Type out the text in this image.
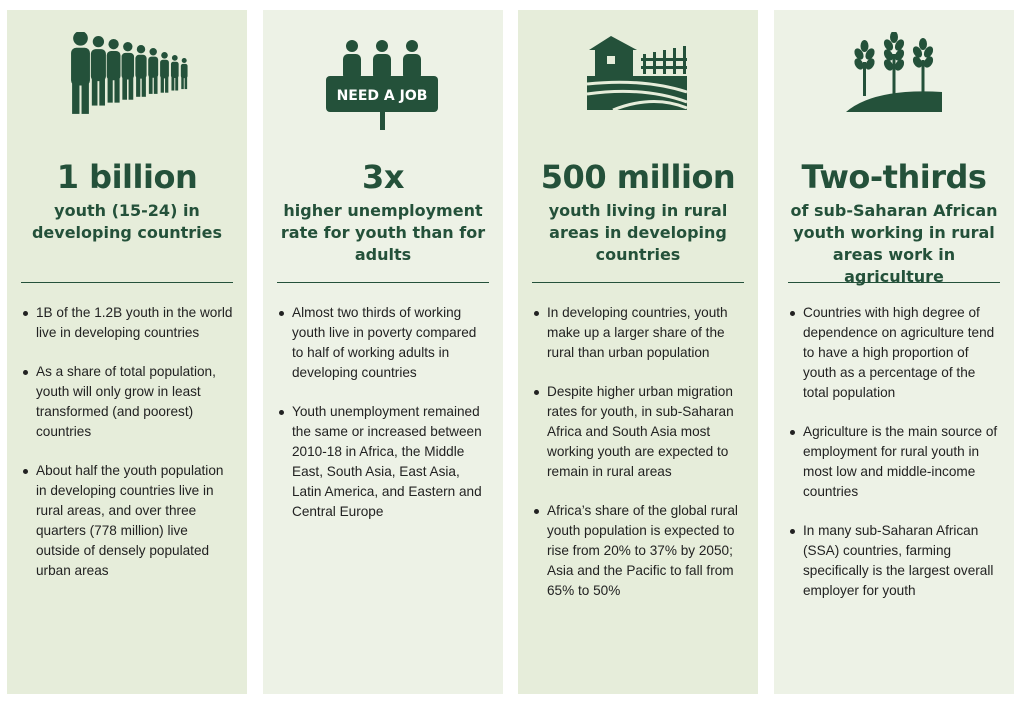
1 billion
youth (15-24) in developing countries
1B of the 1.2B youth in the world live in developing countries
As a share of total population, youth will only grow in least transformed (and poorest) countries
About half the youth population in developing countries live in rural areas, and over three quarters (778 million) live outside of densely populated urban areas
NEED A JOB
3x
higher unemployment rate for youth than for adults
Almost two thirds of working youth live in poverty compared to half of working adults in developing countries
Youth unemployment remained the same or increased between 2010-18 in Africa, the Middle East, South Asia, East Asia, Latin America, and Eastern and Central Europe
500 million
youth living in rural areas in developing countries
In developing countries, youth make up a larger share of the rural than urban population
Despite higher urban migration rates for youth, in sub-Saharan Africa and South Asia most working youth are expected to remain in rural areas
Africa’s share of the global rural youth population is expected to rise from 20% to 37% by 2050; Asia and the Pacific to fall from 65% to 50%
Two-thirds
of sub-Saharan African youth working in rural areas work in agriculture
Countries with high degree of dependence on agriculture tend to have a high proportion of youth as a percentage of the total population
Agriculture is the main source of employment for rural youth in most low and middle-income countries
In many sub-Saharan African (SSA) countries, farming specifically is the largest overall employer for youth
